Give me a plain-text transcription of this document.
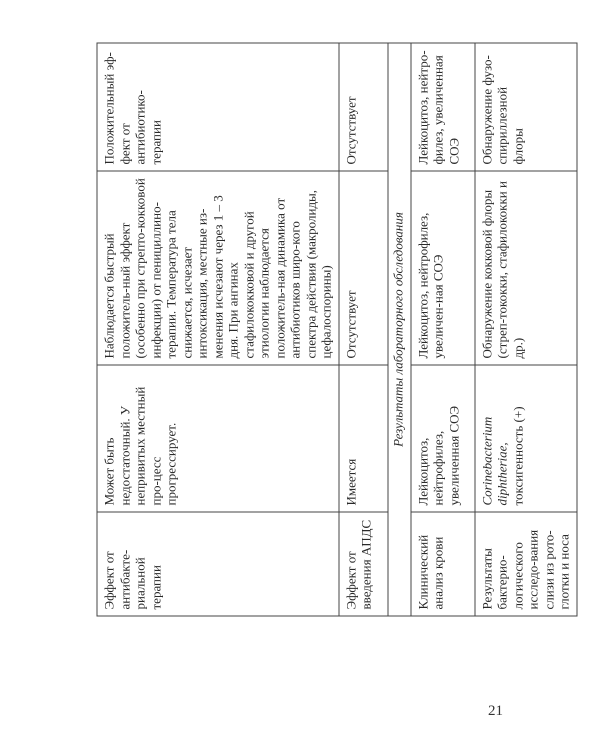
Эффект от антибакте-риальной терапии	Может быть недостаточный. У непривитых местный про-цесс прогрессирует.	Наблюдается быстрый положитель-ный эффект (особенно при стрепто-кокковой инфекции) от пенициллино-терапии. Температура тела снижается, исчезает интоксикация, местные из-менения исчезают через 1 – 3 дня. При ангинах стафилококковой и другой этиологии наблюдается положитель-ная динамика от антибиотиков широ-кого спектра действия (макролиды, цефалоспорины)	Положительный эф-фект от антибиотико-терапии
Эффект от введения АПДС	Имеется	Отсутствует	Отсутствует
Результаты лабораторного обследования			
Клинический анализ крови	Лейкоцитоз, нейтрофилез, увеличенная СОЭ	Лейкоцитоз, нейтрофилез, увеличен-ная СОЭ	Лейкоцитоз, нейтро-филез, увеличенная СОЭ
Результаты бактерио-логического исследо-вания слизи из рото-глотки и носа	Corinebacterium diphtheriae, токсигенность (+)	Обнаружение кокковой флоры (стреп-тококки, стафилококки и др.)	Обнаружение фузо-спириллезной флоры
21
